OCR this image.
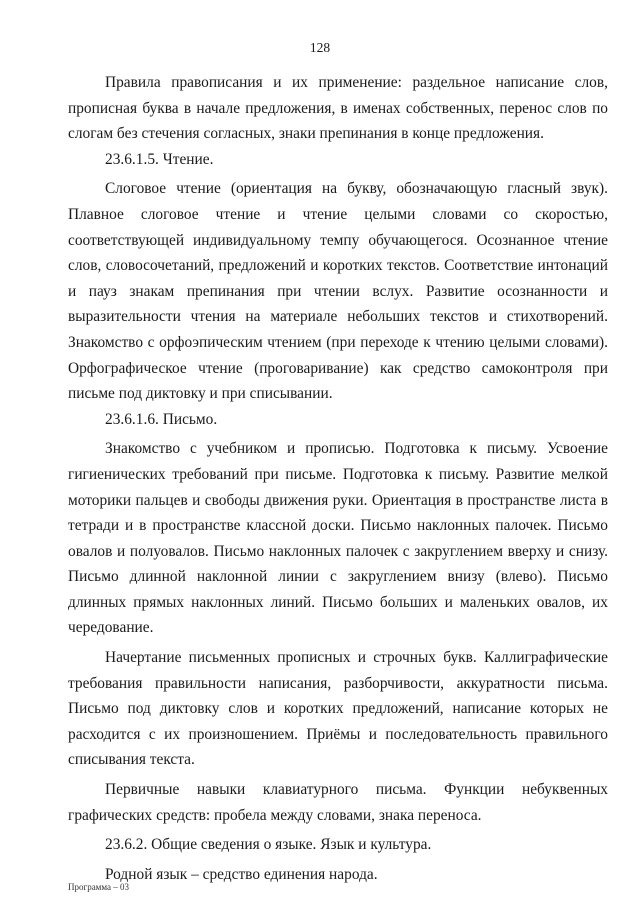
128

Правила правописания и их применение: раздельное написание слов, прописная буква в начале предложения, в именах собственных, перенос слов по слогам без стечения согласных, знаки препинания в конце предложения.

23.6.1.5. Чтение.

Слоговое чтение (ориентация на букву, обозначающую гласный звук). Плавное слоговое чтение и чтение целыми словами со скоростью, соответствующей индивидуальному темпу обучающегося. Осознанное чтение слов, словосочетаний, предложений и коротких текстов. Соответствие интонаций и пауз знакам препинания при чтении вслух. Развитие осознанности и выразительности чтения на материале небольших текстов и стихотворений. Знакомство с орфоэпическим чтением (при переходе к чтению целыми словами). Орфографическое чтение (проговаривание) как средство самоконтроля при письме под диктовку и при списывании.

23.6.1.6. Письмо.

Знакомство с учебником и прописью. Подготовка к письму. Усвоение гигиенических требований при письме. Подготовка к письму. Развитие мелкой моторики пальцев и свободы движения руки. Ориентация в пространстве листа в тетради и в пространстве классной доски. Письмо наклонных палочек. Письмо овалов и полуовалов. Письмо наклонных палочек с закруглением вверху и снизу. Письмо длинной наклонной линии с закруглением внизу (влево). Письмо длинных прямых наклонных линий. Письмо больших и маленьких овалов, их чередование.

Начертание письменных прописных и строчных букв. Каллиграфические требования правильности написания, разборчивости, аккуратности письма. Письмо под диктовку слов и коротких предложений, написание которых не расходится с их произношением. Приёмы и последовательность правильного списывания текста.

Первичные навыки клавиатурного письма. Функции небуквенных графических средств: пробела между словами, знака переноса.

23.6.2. Общие сведения о языке. Язык и культура.

Родной язык – средство единения народа.

Программа – 03
